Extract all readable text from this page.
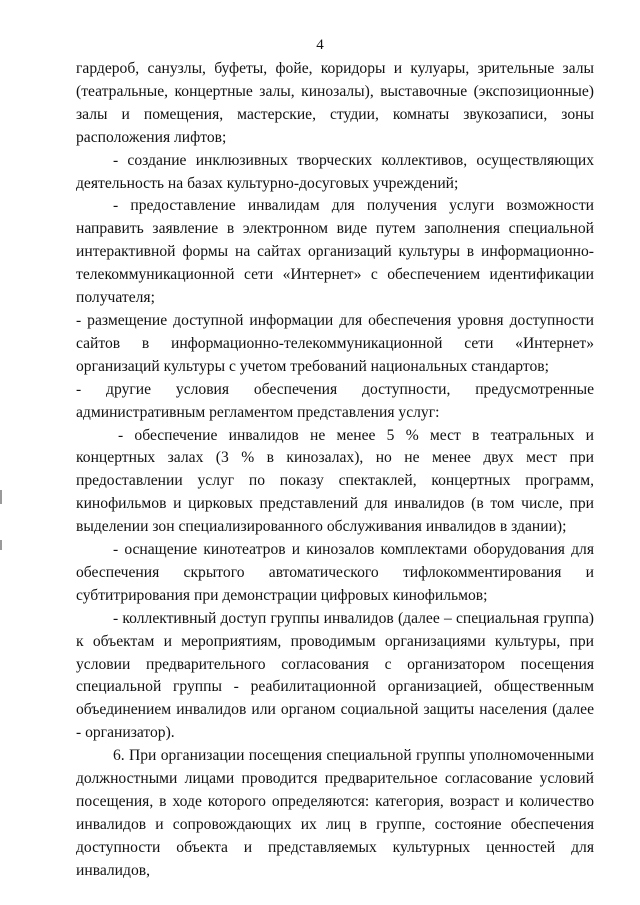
4

гардероб, санузлы, буфеты, фойе, коридоры и кулуары, зрительные залы (театральные, концертные залы, кинозалы), выставочные (экспозиционные) залы и помещения, мастерские, студии, комнаты звукозаписи, зоны расположения лифтов;

- создание инклюзивных творческих коллективов, осуществляющих деятельность на базах культурно-досуговых учреждений;

- предоставление инвалидам для получения услуги возможности направить заявление в электронном виде путем заполнения специальной интерактивной формы на сайтах организаций культуры в информационно-телекоммуникационной сети «Интернет» с обеспечением идентификации получателя;

- размещение доступной информации для обеспечения уровня доступности сайтов в информационно-телекоммуникационной сети «Интернет» организаций культуры с учетом требований национальных стандартов;

- другие условия обеспечения доступности, предусмотренные административным регламентом представления услуг:

- обеспечение инвалидов не менее 5 % мест в театральных и концертных залах (3 % в кинозалах), но не менее двух мест при предоставлении услуг по показу спектаклей, концертных программ, кинофильмов и цирковых представлений для инвалидов (в том числе, при выделении зон специализированного обслуживания инвалидов в здании);

- оснащение кинотеатров и кинозалов комплектами оборудования для обеспечения скрытого автоматического тифлокомментирования и субтитрирования при демонстрации цифровых кинофильмов;

- коллективный доступ группы инвалидов (далее – специальная группа) к объектам и мероприятиям, проводимым организациями культуры, при условии предварительного согласования с организатором посещения специальной группы - реабилитационной организацией, общественным объединением инвалидов или органом социальной защиты населения (далее - организатор).

6. При организации посещения специальной группы уполномоченными должностными лицами проводится предварительное согласование условий посещения, в ходе которого определяются: категория, возраст и количество инвалидов и сопровождающих их лиц в группе, состояние обеспечения доступности объекта и представляемых культурных ценностей для инвалидов,
